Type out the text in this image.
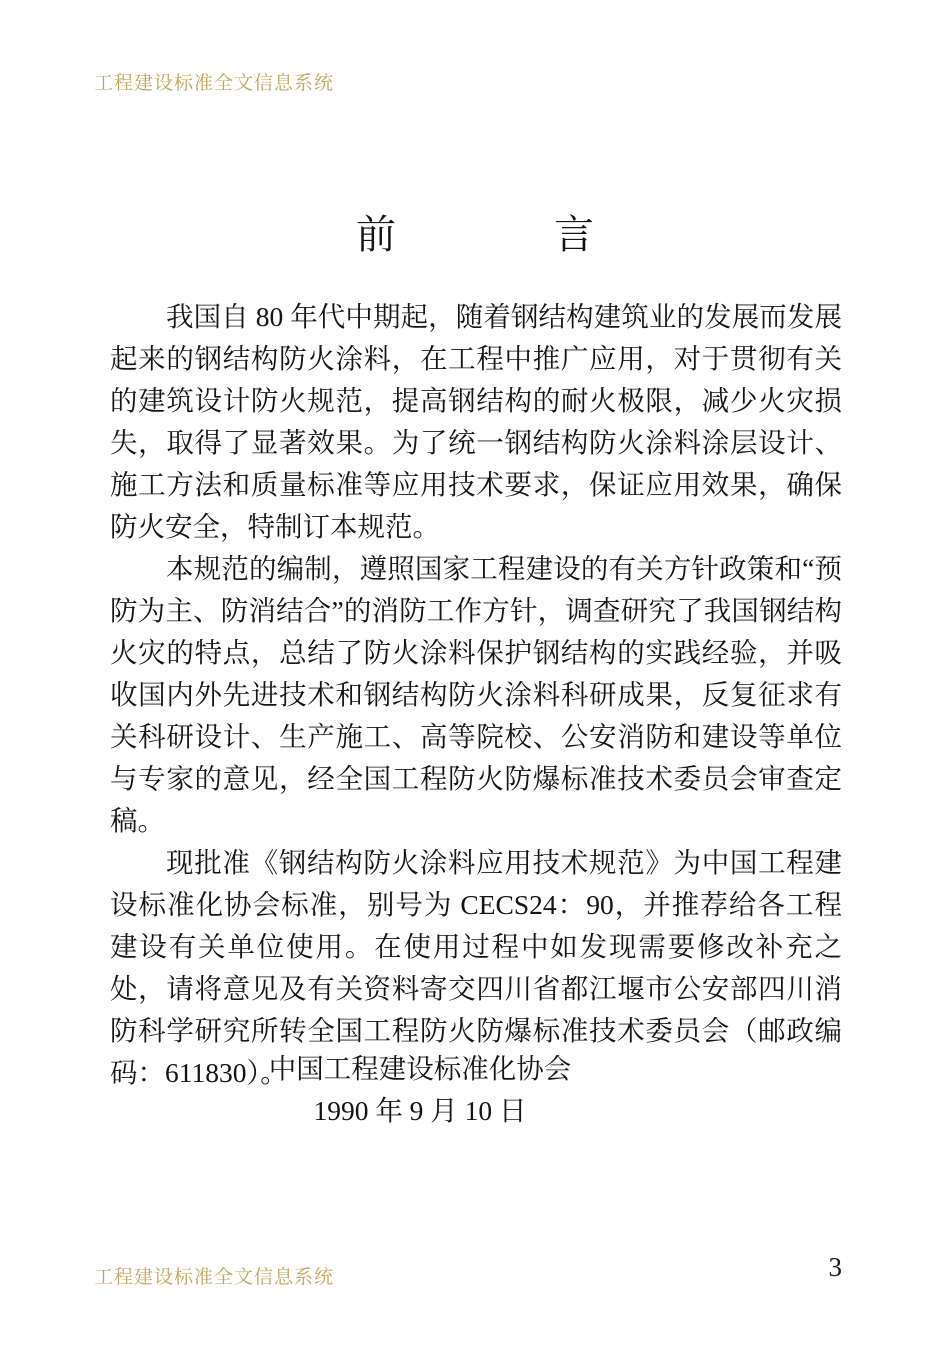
工程建设标准全文信息系统
前　　言

我国自 80 年代中期起，随着钢结构建筑业的发展而发展起来的钢结构防火涂料，在工程中推广应用，对于贯彻有关的建筑设计防火规范，提高钢结构的耐火极限，减少火灾损失，取得了显著效果。为了统一钢结构防火涂料涂层设计、施工方法和质量标准等应用技术要求，保证应用效果，确保防火安全，特制订本规范。

本规范的编制，遵照国家工程建设的有关方针政策和“预防为主、防消结合”的消防工作方针，调查研究了我国钢结构火灾的特点，总结了防火涂料保护钢结构的实践经验，并吸收国内外先进技术和钢结构防火涂料科研成果，反复征求有关科研设计、生产施工、高等院校、公安消防和建设等单位与专家的意见，经全国工程防火防爆标准技术委员会审查定稿。

现批准《钢结构防火涂料应用技术规范》为中国工程建设标准化协会标准，别号为 CECS24：90，并推荐给各工程建设有关单位使用。在使用过程中如发现需要修改补充之处，请将意见及有关资料寄交四川省都江堰市公安部四川消防科学研究所转全国工程防火防爆标准技术委员会（邮政编码：611830）。

中国工程建设标准化协会
1990 年 9 月 10 日
工程建设标准全文信息系统	3
